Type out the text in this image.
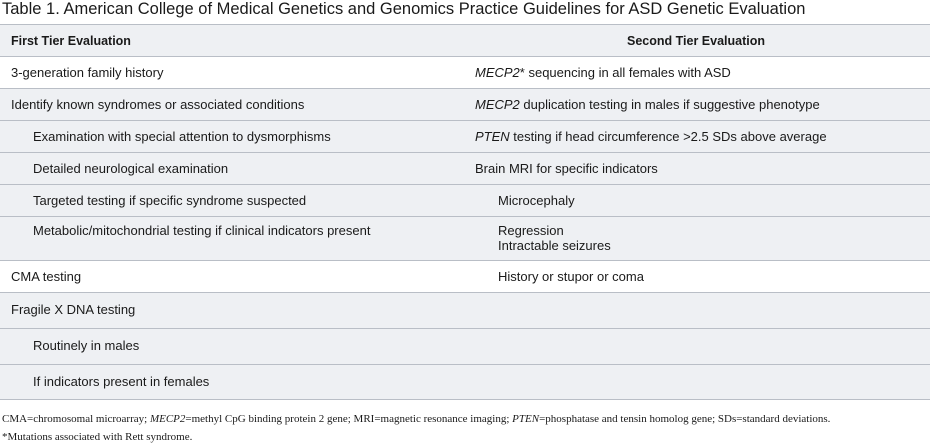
Table 1. American College of Medical Genetics and Genomics Practice Guidelines for ASD Genetic Evaluation
First Tier Evaluation	Second Tier Evaluation
3-generation family history	MECP2* sequencing in all females with ASD
Identify known syndromes or associated conditions	MECP2 duplication testing in males if suggestive phenotype
Examination with special attention to dysmorphisms	PTEN testing if head circumference >2.5 SDs above average
Detailed neurological examination	Brain MRI for specific indicators
Targeted testing if specific syndrome suspected	Microcephaly
Metabolic/mitochondrial testing if clinical indicators present	Regression
Intractable seizures
CMA testing	History or stupor or coma
Fragile X DNA testing
Routinely in males
If indicators present in females
CMA=chromosomal microarray; MECP2=methyl CpG binding protein 2 gene; MRI=magnetic resonance imaging; PTEN=phosphatase and tensin homolog gene; SDs=standard deviations.
*Mutations associated with Rett syndrome.
